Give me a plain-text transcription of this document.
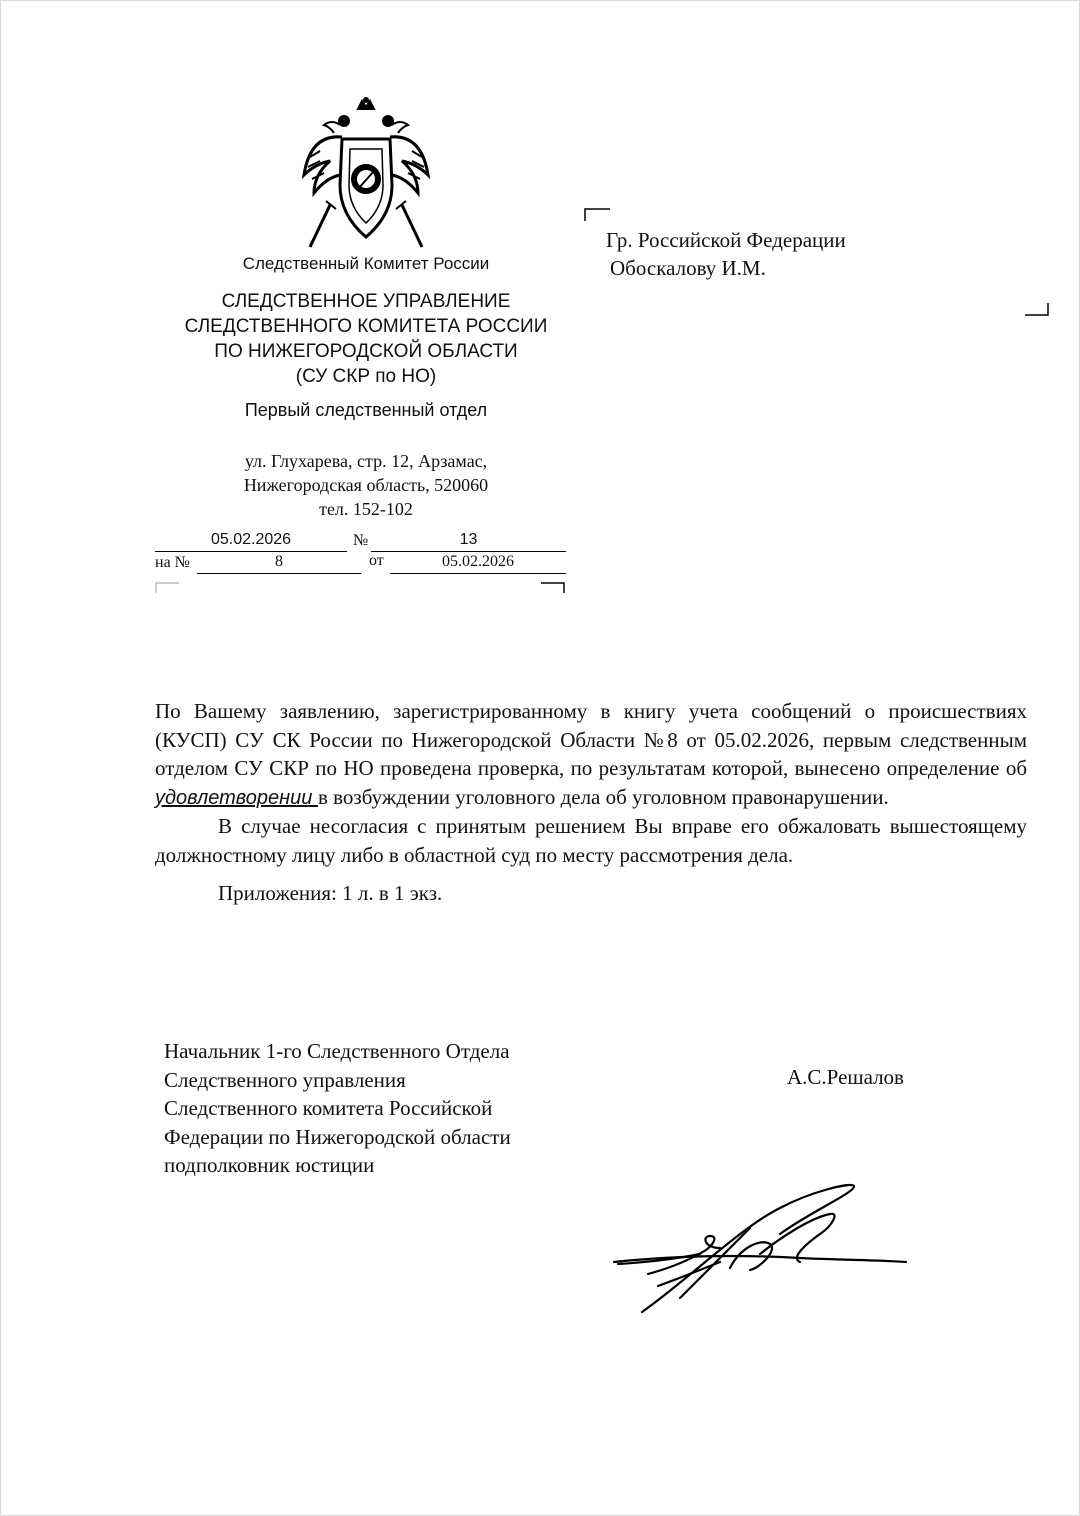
Следственный Комитет России
СЛЕДСТВЕННОЕ УПРАВЛЕНИЕ
СЛЕДСТВЕННОГО КОМИТЕТА РОССИИ
ПО НИЖЕГОРОДСКОЙ ОБЛАСТИ
(СУ СКР по НО)
Первый следственный отдел
ул. Глухарева, стр. 12, Арзамас,
Нижегородская область, 520060
тел. 152-102
05.02.2026	№	13
на №	8	от	05.02.2026
Гр. Российской Федерации
Обоскалову И.М.

По Вашему заявлению, зарегистрированному в книгу учета сообщений о происшествиях (КУСП) СУ СК России по Нижегородской Области №8 от 05.02.2026, первым следственным отделом СУ СКР по НО проведена проверка, по результатам которой, вынесено определение об удовлетворении в возбуждении уголовного дела об уголовном правонарушении.

В случае несогласия с принятым решением Вы вправе его обжаловать вышестоящему должностному лицу либо в областной суд по месту рассмотрения дела.

Приложения: 1 л. в 1 экз.

Начальник 1-го Следственного Отдела
Следственного управления
Следственного комитета Российской
Федерации по Нижегородской области
подполковник юстиции
А.С.Решалов
